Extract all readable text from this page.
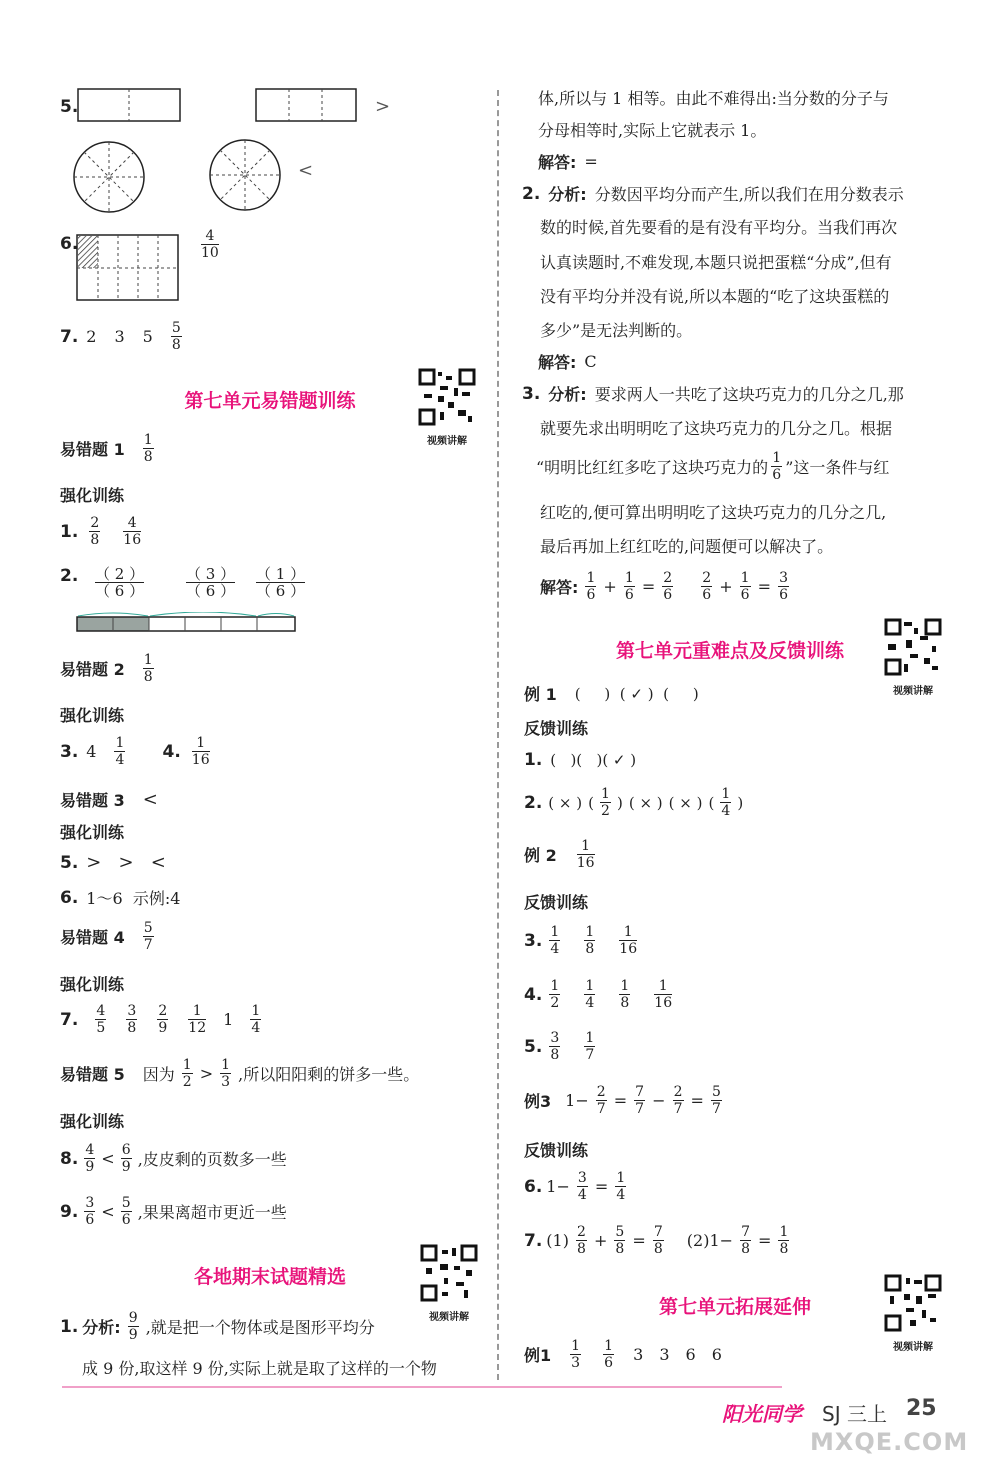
5.	>
<
6.	$\frac{4}{10}$
7. 2 3 $5 \frac{5}{8}$
第七单元易错题训练
视频讲解
易错题 $1 \frac{1}{8}$
强化训练
1. $\frac{2}{8} \frac{4}{16}$
2. $\frac{( 2 )}{( 6 )}$	$\frac{( 3 )}{( 6 )} \frac{( 1 )}{( 6 )}$
易错题 $2 \frac{1}{8}$
强化训练
3. $4 \frac{1}{4} 4$. $\frac{1}{16}$
易错题 3 <
强化训练
5. >   >   <
6. 1～6  示例:4
易错题 $4 \frac{5}{7}$
强化训练
7. $\frac{4}{5} \frac{3}{8} \frac{2}{9} \frac{1}{12} 1 \frac{1}{4}$
易错题 5 因为 $\frac{1}{2} > \frac{1}{3}$ ,所以阳阳剩的饼多一些。
强化训练
8. $\frac{4}{9} < \frac{6}{9}$ ,皮皮剩的页数多一些
9. $\frac{3}{6} < \frac{5}{6}$ ,果果离超市更近一些
各地期末试题精选
视频讲解
1. 分析: $\frac{9}{9}$ ,就是把一个物体或是图形平均分
成 9 份,取这样 9 份,实际上就是取了这样的一个物
体,所以与 1 相等。由此不难得出:当分数的分子与
分母相等时,实际上它就表示 1。
解答: =
2. 分析: 分数因平均分而产生,所以我们在用分数表示
数的时候,首先要看的是有没有平均分。当我们再次
认真读题时,不难发现,本题只说把蛋糕“分成”,但有
没有平均分并没有说,所以本题的“吃了这块蛋糕的
多少”是无法判断的。
解答: C
3. 分析: 要求两人一共吃了这块巧克力的几分之几,那
就要先求出明明吃了这块巧克力的几分之几。根据
“明明比红红多吃了这块巧克力的 $\frac{1}{6}$ ”这一条件与红
红吃的,便可算出明明吃了这块巧克力的几分之几,
最后再加上红红吃的,问题便可以解决了。
解答: $\frac{1}{6} + \frac{1}{6} = \frac{2}{6} \frac{2}{6} + \frac{1}{6} = \frac{3}{6}$
第七单元重难点及反馈训练
视频讲解
例 1 (     )  ( ✓ )  (     )
反馈训练
1. (   )(   )( ✓ )
2. ( × ) ( $\frac{1}{2}$ ) ( × ) ( × ) ( $\frac{1}{4}$ )
例 $2 \frac{1}{16}$
反馈训练
3. $\frac{1}{4} \frac{1}{8} \frac{1}{16}$
4. $\frac{1}{2} \frac{1}{4} \frac{1}{8} \frac{1}{16}$
5. $\frac{3}{8} \frac{1}{7}$
例3 $1- \frac{2}{7} = \frac{7}{7} - \frac{2}{7} = \frac{5}{7}$
反馈训练
6. $1- \frac{3}{4} = \frac{1}{4}$
7. $(1) \frac{2}{8} + \frac{5}{8} = \frac{7}{8} (2)1- \frac{7}{8} = \frac{1}{8}$
第七单元拓展延伸
视频讲解
例$1 \frac{1}{3} \frac{1}{6} 3$ 3 6 6
阳光同学 SJ 三上 25
MXQE.COM
